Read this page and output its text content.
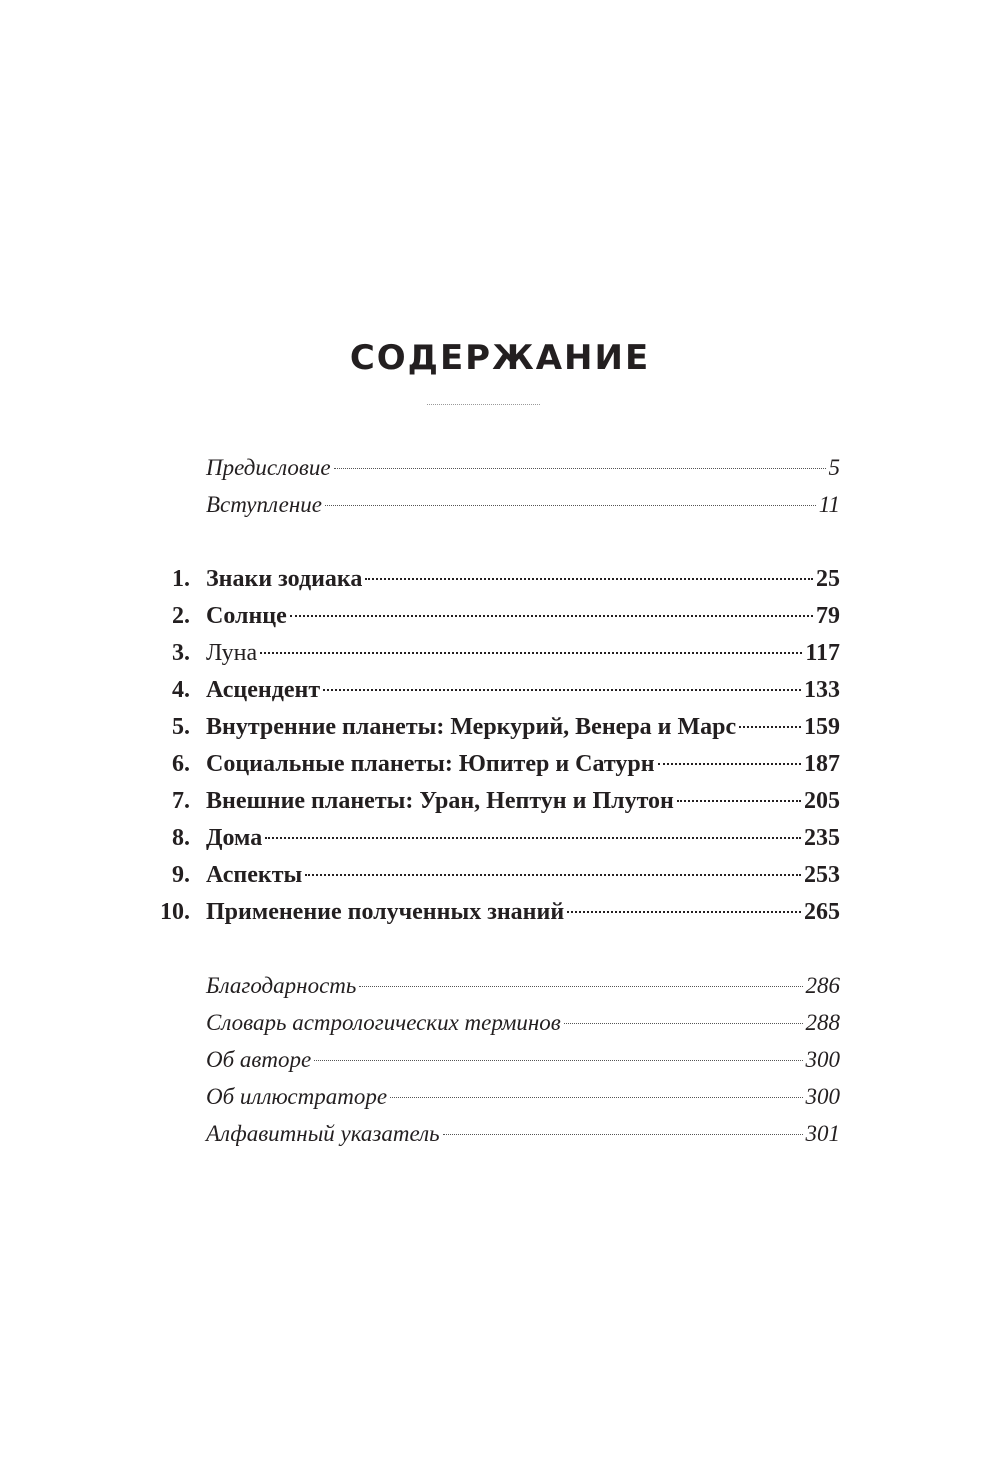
СОДЕРЖАНИЕ
Предисловие	5
Вступление	11
1. Знаки зодиака	25
2. Солнце	79
3. Луна	117
4. Асцендент	133
5. Внутренние планеты: Меркурий, Венера и Марс	159
6. Социальные планеты: Юпитер и Сатурн	187
7. Внешние планеты: Уран, Нептун и Плутон	205
8. Дома	235
9. Аспекты	253
10. Применение полученных знаний	265
Благодарность	286
Словарь астрологических терминов	288
Об авторе	300
Об иллюстраторе	300
Алфавитный указатель	301
